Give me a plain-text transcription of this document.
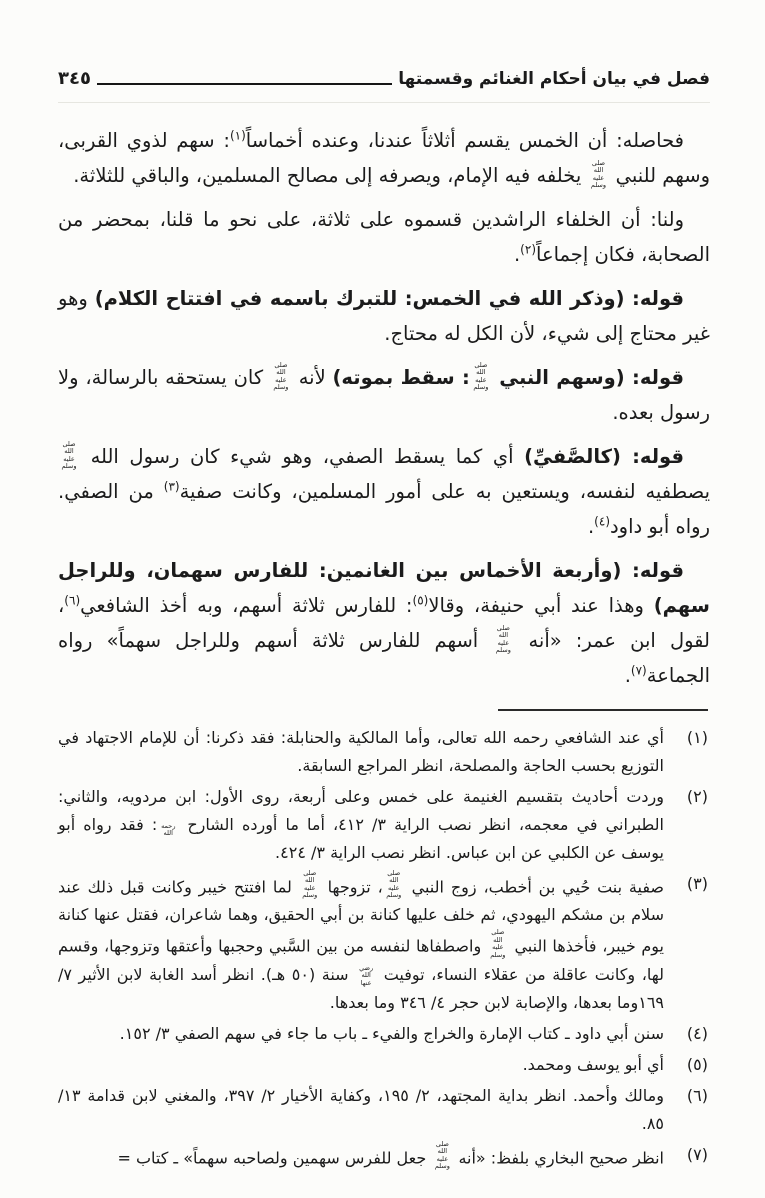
فصل في بيان أحكام الغنائم وقسمتها
٣٤٥
فحاصله: أن الخمس يقسم أثلاثاً عندنا، وعنده أخماساً$^{(١)}$: سهم لذوي القربى، وسهم للنبي صلى الله عليه وسلم يخلفه فيه الإمام، ويصرفه إلى مصالح المسلمين، والباقي للثلاثة.
ولنا: أن الخلفاء الراشدين قسموه على ثلاثة، على نحو ما قلنا، بمحضر من الصحابة، فكان إجماعاً$^{(٢)}$.
قوله: (وذكر الله في الخمس: للتبرك باسمه في افتتاح الكلام) وهو غير محتاج إلى شيء، لأن الكل له محتاج.
قوله: (وسهم النبي صلى الله عليه وسلم: سقط بموته) لأنه صلى الله عليه وسلم كان يستحقه بالرسالة، ولا رسول بعده.
قوله: (كالصَّفيِّ) أي كما يسقط الصفي، وهو شيء كان رسول الله صلى الله عليه وسلم يصطفيه لنفسه، ويستعين به على أمور المسلمين، وكانت صفية$^{(٣)}$ من الصفي. رواه أبو داود$^{(٤)}$.
قوله: (وأربعة الأخماس بين الغانمين: للفارس سهمان، وللراجل سهم) وهذا عند أبي حنيفة، وقالا$^{(٥)}$: للفارس ثلاثة أسهم، وبه أخذ الشافعي$^{(٦)}$، لقول ابن عمر: «أنه صلى الله عليه وسلم أسهم للفارس ثلاثة أسهم وللراجل سهماً» رواه الجماعة$^{(٧)}$.
(١)
أي عند الشافعي رحمه الله تعالى، وأما المالكية والحنابلة: فقد ذكرنا: أن للإمام الاجتهاد في التوزيع بحسب الحاجة والمصلحة، انظر المراجع السابقة.
(٢)
وردت أحاديث بتقسيم الغنيمة على خمس وعلى أربعة، روى الأول: ابن مردويه، والثاني: الطبراني في معجمه، انظر نصب الراية ٣/ ٤١٢، أما ما أورده الشارح رحمه الله: فقد رواه أبو يوسف عن الكلبي عن ابن عباس. انظر نصب الراية ٣/ ٤٢٤.
(٣)
صفية بنت حُيي بن أخطب، زوج النبي صلى الله عليه وسلم، تزوجها صلى الله عليه وسلم لما افتتح خيبر وكانت قبل ذلك عند سلام بن مشكم اليهودي، ثم خلف عليها كنانة بن أبي الحقيق، وهما شاعران، فقتل عنها كنانة يوم خيبر، فأخذها النبي صلى الله عليه وسلم واصطفاها لنفسه من بين السَّبي وحجبها وأعتقها وتزوجها، وقسم لها، وكانت عاقلة من عقلاء النساء، توفيت رضي الله عنها سنة (٥٠ هـ). انظر أسد الغابة لابن الأثير ٧/ ١٦٩وما بعدها، والإصابة لابن حجر ٤/ ٣٤٦ وما بعدها.
(٤)
سنن أبي داود ـ كتاب الإمارة والخراج والفيء ـ باب ما جاء في سهم الصفي ٣/ ١٥٢.
(٥)
أي أبو يوسف ومحمد.
(٦)
ومالك وأحمد. انظر بداية المجتهد، ٢/ ١٩٥، وكفاية الأخيار ٢/ ٣٩٧، والمغني لابن قدامة ١٣/ ٨٥.
(٧)
انظر صحيح البخاري بلفظ: «أنه صلى الله عليه وسلم جعل للفرس سهمين ولصاحبه سهماً» ـ كتاب =
